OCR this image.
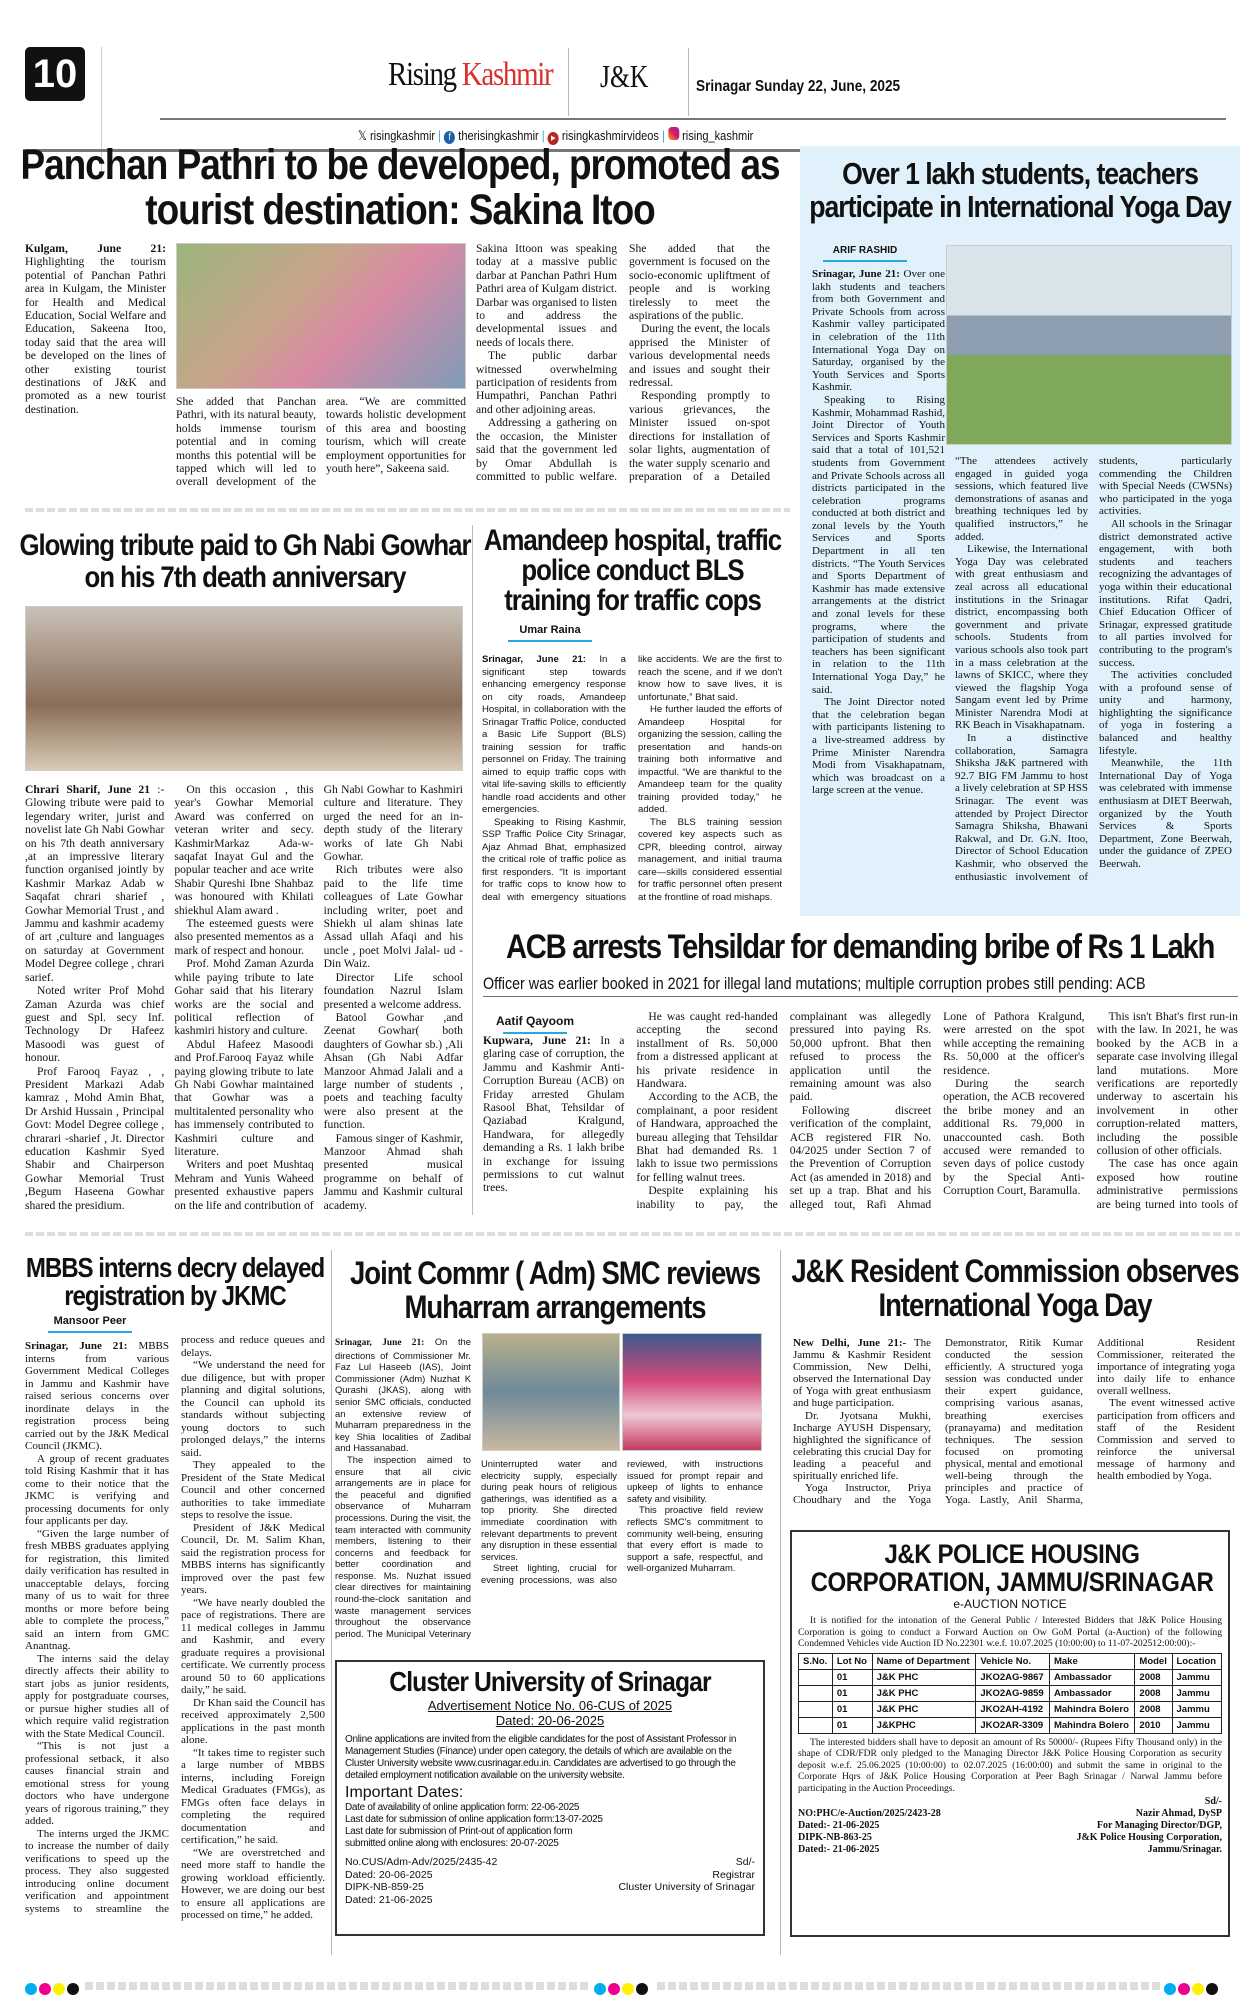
10	Rising Kashmir J&K	Srinagar Sunday 22, June, 2025
𝕏 risingkashmir | f therisingkashmir | ▶ risingkashmirvideos | rising_kashmir
Panchan Pathri to be developed, promoted as tourist destination: Sakina Itoo

Kulgam, June 21: Highlighting the tourism potential of Panchan Pathri area in Kulgam, the Minister for Health and Medical Education, Social Welfare and Education, Sakeena Itoo, today said that the area will be developed on the lines of other existing tourist destinations of J&K and promoted as a new tourist destination.

She added that Panchan Pathri, with its natural beauty, holds immense tourism potential and in coming months this potential will be tapped which will led to overall development of the area. “We are committed towards holistic development of this area and boosting tourism, which will create employment opportunities for youth here”, Sakeena said.

Sakina Ittoon was speaking today at a massive public darbar at Panchan Pathri Hum Pathri area of Kulgam district. Darbar was organised to listen to and address the developmental issues and needs of locals there.

The public darbar witnessed overwhelming participation of residents from Humpathri, Panchan Pathri and other adjoining areas.

Addressing a gathering on the occasion, the Minister said that the government led by Omar Abdullah is committed to public welfare. She added that the government is focused on the socio-economic upliftment of people and is working tirelessly to meet the aspirations of the public.

During the event, the locals apprised the Minister of various developmental needs and issues and sought their redressal.

Responding promptly to various grievances, the Minister issued on-spot directions for installation of solar lights, augmentation of the water supply scenario and preparation of a Detailed

Over 1 lakh students, teachers participate in International Yoga Day
ARIF RASHID

Srinagar, June 21: Over one lakh students and teachers from both Government and Private Schools from across Kashmir valley participated in celebration of the 11th International Yoga Day on Saturday, organised by the Youth Services and Sports Kashmir.

Speaking to Rising Kashmir, Mohammad Rashid, Joint Director of Youth Services and Sports Kashmir said that a total of 101,521 students from Government and Private Schools across all districts participated in the celebration programs conducted at both district and zonal levels by the Youth Services and Sports Department in all ten districts. “The Youth Services and Sports Department of Kashmir has made extensive arrangements at the district and zonal levels for these programs, where the participation of students and teachers has been significant in relation to the 11th International Yoga Day,” he said.

The Joint Director noted that the celebration began with participants listening to a live-streamed address by Prime Minister Narendra Modi from Visakhapatnam, which was broadcast on a large screen at the venue.

“The attendees actively engaged in guided yoga sessions, which featured live demonstrations of asanas and breathing techniques led by qualified instructors,” he added.

Likewise, the International Yoga Day was celebrated with great enthusiasm and zeal across all educational institutions in the Srinagar district, encompassing both government and private schools. Students from various schools also took part in a mass celebration at the lawns of SKICC, where they viewed the flagship Yoga Sangam event led by Prime Minister Narendra Modi at RK Beach in Visakhapatnam.

In a distinctive collaboration, Samagra Shiksha J&K partnered with 92.7 BIG FM Jammu to host a lively celebration at SP HSS Srinagar. The event was attended by Project Director Samagra Shiksha, Bhawani Rakwal, and Dr. G.N. Itoo, Director of School Education Kashmir, who observed the enthusiastic involvement of students, particularly commending the Children with Special Needs (CWSNs) who participated in the yoga activities.

All schools in the Srinagar district demonstrated active engagement, with both students and teachers recognizing the advantages of yoga within their educational institutions. Rifat Qadri, Chief Education Officer of Srinagar, expressed gratitude to all parties involved for contributing to the program's success.

The activities concluded with a profound sense of unity and harmony, highlighting the significance of yoga in fostering a balanced and healthy lifestyle.

Meanwhile, the 11th International Day of Yoga was celebrated with immense enthusiasm at DIET Beerwah, organized by the Youth Services & Sports Department, Zone Beerwah, under the guidance of ZPEO Beerwah.

Glowing tribute paid to Gh Nabi Gowhar on his 7th death anniversary

Chrari Sharif, June 21 :- Glowing tribute were paid to legendary writer, jurist and novelist late Gh Nabi Gowhar on his 7th death anniversary ,at an impressive literary function organised jointly by Kashmir Markaz Adab w Saqafat chrari sharief , Gowhar Memorial Trust , and Jammu and kashmir academy of art ,culture and languages on saturday at Government Model Degree college , chrari sarief.

Noted writer Prof Mohd Zaman Azurda was chief guest and Spl. secy Inf. Technology Dr Hafeez Masoodi was guest of honour.

Prof Farooq Fayaz , , President Markazi Adab kamraz , Mohd Amin Bhat, Dr Arshid Hussain , Principal Govt: Model Degree college , chrarari -sharief , Jt. Director education Kashmir Syed Shabir and Chairperson Gowhar Memorial Trust ,Begum Haseena Gowhar shared the presidium.

On this occasion , this year's Gowhar Memorial Award was conferred on veteran writer and secy. KashmirMarkaz Ada-w-saqafat Inayat Gul and the popular teacher and ace write Shabir Qureshi Ibne Shahbaz was honoured with Khilati shiekhul Alam award .

The esteemed guests were also presented mementos as a mark of respect and honour.

Prof. Mohd Zaman Azurda while paying tribute to late Gohar said that his literary works are the social and political reflection of kashmiri history and culture.

Abdul Hafeez Masoodi and Prof.Farooq Fayaz while paying glowing tribute to late Gh Nabi Gowhar maintained that Gowhar was a multitalented personality who has immensely contributed to Kashmiri culture and literature.

Writers and poet Mushtaq Mehram and Yunis Waheed presented exhaustive papers on the life and contribution of Gh Nabi Gowhar to Kashmiri culture and literature. They urged the need for an in-depth study of the literary works of late Gh Nabi Gowhar.

Rich tributes were also paid to the life time colleagues of Late Gowhar including writer, poet and Shiekh ul alam shinas late Assad ullah Afaqi and his uncle , poet Molvi Jalal- ud - Din Waiz.

Director Life school foundation Nazrul Islam presented a welcome address.

Batool Gowhar ,and Zeenat Gowhar( both daughters of Gowhar sb.) ,Ali Ahsan (Gh Nabi Adfar Manzoor Ahmad Jalali and a large number of students , poets and teaching faculty were also present at the function.

Famous singer of Kashmir, Manzoor Ahmad shah presented musical programme on behalf of Jammu and Kashmir cultural academy.

Amandeep hospital, traffic police conduct BLS training for traffic cops
Umar Raina

Srinagar, June 21: In a significant step towards enhancing emergency response on city roads, Amandeep Hospital, in collaboration with the Srinagar Traffic Police, conducted a Basic Life Support (BLS) training session for traffic personnel on Friday. The training aimed to equip traffic cops with vital life-saving skills to efficiently handle road accidents and other emergencies.

Speaking to Rising Kashmir, SSP Traffic Police City Srinagar, Ajaz Ahmad Bhat, emphasized the critical role of traffic police as first responders. “It is important for traffic cops to know how to deal with emergency situations like accidents. We are the first to reach the scene, and if we don't know how to save lives, it is unfortunate,” Bhat said.

He further lauded the efforts of Amandeep Hospital for organizing the session, calling the presentation and hands-on training both informative and impactful. “We are thankful to the Amandeep team for the quality training provided today,” he added.

The BLS training session covered key aspects such as CPR, bleeding control, airway management, and initial trauma care—skills considered essential for traffic personnel often present at the frontline of road mishaps.

ACB arrests Tehsildar for demanding bribe of Rs 1 Lakh
Officer was earlier booked in 2021 for illegal land mutations; multiple corruption probes still pending: ACB
Aatif Qayoom

Kupwara, June 21: In a glaring case of corruption, the Jammu and Kashmir Anti-Corruption Bureau (ACB) on Friday arrested Ghulam Rasool Bhat, Tehsildar of Qaziabad Kralgund, Handwara, for allegedly demanding a Rs. 1 lakh bribe in exchange for issuing permissions to cut walnut trees.

He was caught red-handed accepting the second installment of Rs. 50,000 from a distressed applicant at his private residence in Handwara.

According to the ACB, the complainant, a poor resident of Handwara, approached the bureau alleging that Tehsildar Bhat had demanded Rs. 1 lakh to issue two permissions for felling walnut trees.

Despite explaining his inability to pay, the complainant was allegedly pressured into paying Rs. 50,000 upfront. Bhat then refused to process the application until the remaining amount was also paid.

Following discreet verification of the complaint, ACB registered FIR No. 04/2025 under Section 7 of the Prevention of Corruption Act (as amended in 2018) and set up a trap. Bhat and his alleged tout, Rafi Ahmad Lone of Pathora Kralgund, were arrested on the spot while accepting the remaining Rs. 50,000 at the officer's residence.

During the search operation, the ACB recovered the bribe money and an additional Rs. 79,000 in unaccounted cash. Both accused were remanded to seven days of police custody by the Special Anti-Corruption Court, Baramulla.

This isn't Bhat's first run-in with the law. In 2021, he was booked by the ACB in a separate case involving illegal land mutations. More verifications are reportedly underway to ascertain his involvement in other corruption-related matters, including the possible collusion of other officials.

The case has once again exposed how routine administrative permissions are being turned into tools of

MBBS interns decry delayed registration by JKMC
Mansoor Peer

Srinagar, June 21: MBBS interns from various Government Medical Colleges in Jammu and Kashmir have raised serious concerns over inordinate delays in the registration process being carried out by the J&K Medical Council (JKMC).

A group of recent graduates told Rising Kashmir that it has come to their notice that the JKMC is verifying and processing documents for only four applicants per day.

“Given the large number of fresh MBBS graduates applying for registration, this limited daily verification has resulted in unacceptable delays, forcing many of us to wait for three months or more before being able to complete the process,” said an intern from GMC Anantnag.

The interns said the delay directly affects their ability to start jobs as junior residents, apply for postgraduate courses, or pursue higher studies all of which require valid registration with the State Medical Council.

“This is not just a professional setback, it also causes financial strain and emotional stress for young doctors who have undergone years of rigorous training,” they added.

The interns urged the JKMC to increase the number of daily verifications to speed up the process. They also suggested introducing online document verification and appointment systems to streamline the process and reduce queues and delays.

“We understand the need for due diligence, but with proper planning and digital solutions, the Council can uphold its standards without subjecting young doctors to such prolonged delays,” the interns said.

They appealed to the President of the State Medical Council and other concerned authorities to take immediate steps to resolve the issue.

President of J&K Medical Council, Dr. M. Salim Khan, said the registration process for MBBS interns has significantly improved over the past few years.

“We have nearly doubled the pace of registrations. There are 11 medical colleges in Jammu and Kashmir, and every graduate requires a provisional certificate. We currently process around 50 to 60 applications daily,” he said.

Dr Khan said the Council has received approximately 2,500 applications in the past month alone.

“It takes time to register such a large number of MBBS interns, including Foreign Medical Graduates (FMGs), as FMGs often face delays in completing the required documentation and certification,” he said.

“We are overstretched and need more staff to handle the growing workload efficiently. However, we are doing our best to ensure all applications are processed on time,” he added.

Joint Commr ( Adm) SMC reviews Muharram arrangements

Srinagar, June 21: On the directions of Commissioner Mr. Faz Lul Haseeb (IAS), Joint Commissioner (Adm) Nuzhat K Qurashi (JKAS), along with senior SMC officials, conducted an extensive review of Muharram preparedness in the key Shia localities of Zadibal and Hassanabad.

The inspection aimed to ensure that all civic arrangements are in place for the peaceful and dignified observance of Muharram processions. During the visit, the team interacted with community members, listening to their concerns and feedback for better coordination and response. Ms. Nuzhat issued clear directives for maintaining round-the-clock sanitation and waste management services throughout the observance period. The Municipal Veterinary

Uninterrupted water and electricity supply, especially during peak hours of religious gatherings, was identified as a top priority. She directed immediate coordination with relevant departments to prevent any disruption in these essential services.

Street lighting, crucial for evening processions, was also reviewed, with instructions issued for prompt repair and upkeep of lights to enhance safety and visibility.

This proactive field review reflects SMC's commitment to community well-being, ensuring that every effort is made to support a safe, respectful, and well-organized Muharram.

Cluster University of Srinagar
Advertisement Notice No. 06-CUS of 2025
Dated: 20-06-2025
Online applications are invited from the eligible candidates for the post of Assistant Professor in Management Studies (Finance) under open category, the details of which are available on the Cluster University website www.cusrinagar.edu.in. Candidates are advertised to go through the detailed employment notification available on the university website.
Important Dates:
Date of availability of online application form: 22-06-2025
Last date for submission of online application form:13-07-2025
Last date for submission of Print-out of application form
submitted online along with enclosures: 20-07-2025
No.CUS/Adm-Adv/2025/2435-42
Dated: 20-06-2025
DIPK-NB-859-25
Dated: 21-06-2025
Sd/-
Registrar
Cluster University of Srinagar
J&K Resident Commission observes International Yoga Day

New Delhi, June 21:- The Jammu & Kashmir Resident Commission, New Delhi, observed the International Day of Yoga with great enthusiasm and huge participation.

Dr. Jyotsana Mukhi, Incharge AYUSH Dispensary, highlighted the significance of celebrating this crucial Day for leading a peaceful and spiritually enriched life.

Yoga Instructor, Priya Choudhary and the Yoga Demonstrator, Ritik Kumar conducted the session efficiently. A structured yoga session was conducted under their expert guidance, comprising various asanas, breathing exercises (pranayama) and meditation techniques. The session focused on promoting physical, mental and emotional well-being through the principles and practice of Yoga. Lastly, Anil Sharma, Additional Resident Commissioner, reiterated the importance of integrating yoga into daily life to enhance overall wellness.

The event witnessed active participation from officers and staff of the Resident Commission and served to reinforce the universal message of harmony and health embodied by Yoga.

J&K POLICE HOUSING
CORPORATION, JAMMU/SRINAGAR
e-AUCTION NOTICE
It is notified for the intonation of the General Public / Interested Bidders that J&K Police Housing Corporation is going to conduct a Forward Auction on Ow GoM Portal (a-Auction) of the following Condemned Vehicles vide Auction ID No.22301 w.e.f. 10.07.2025 (10:00:00) to 11-07-202512:00:00):-
S.No.	Lot No	Name of Department	Vehicle No.	Make	Model	Location
	01	J&K PHC	JKO2AG-9867	Ambassador	2008	Jammu
	01	J&K PHC	JKO2AG-9859	Ambassador	2008	Jammu
	01	J&K PHC	JKO2AH-4192	Mahindra Bolero	2008	Jammu
	01	J&KPHC	JKO2AR-3309	Mahindra Bolero	2010	Jammu
The interested bidders shall have to deposit an amount of Rs 50000/- (Rupees Fifty Thousand only) in the shape of CDR/FDR only pledged to the Managing Director J&K Police Housing Corporation as security deposit w.e.f. 25.06.2025 (10:00:00) to 02.07.2025 (16:00:00) and submit the same in original to the Corporate Hqrs of J&K Police Housing Corporation at Peer Bagh Srinagar / Narwal Jammu before participating in the Auction Proceedings.
NO:PHC/e-Auction/2025/2423-28
Dated:- 21-06-2025
DIPK-NB-863-25
Dated:- 21-06-2025
Sd/-
Nazir Ahmad, DySP
For Managing Director/DGP,
J&K Police Housing Corporation,
Jammu/Srinagar.
